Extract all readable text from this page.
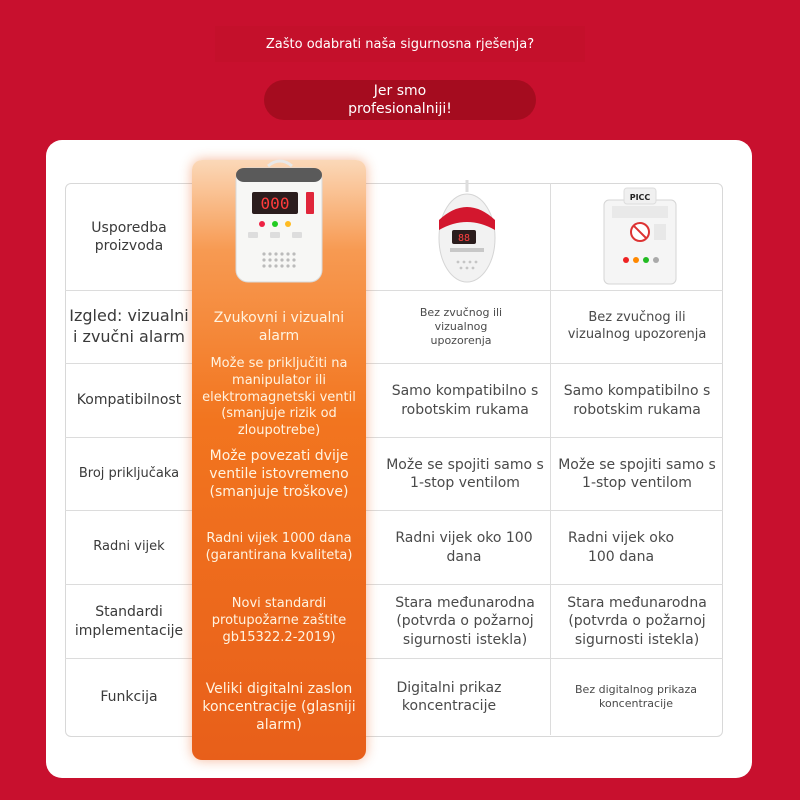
Zašto odabrati naša sigurnosna rješenja?
Jer smo
profesionalniji!
000
88
PICC
Usporedba proizvoda
Izgled: vizualni i zvučni alarm
Zvukovni i vizualni alarm
Bez zvučnog ili vizualnog upozorenja
Bez zvučnog ili vizualnog upozorenja
Kompatibilnost
Može se priključiti na manipulator ili elektromagnetski ventil (smanjuje rizik od zloupotrebe)
Samo kompatibilno s robotskim rukama
Samo kompatibilno s robotskim rukama
Broj priključaka
Može povezati dvije ventile istovremeno (smanjuje troškove)
Može se spojiti samo s 1-stop ventilom
Može se spojiti samo s 1-stop ventilom
Radni vijek
Radni vijek 1000 dana (garantirana kvaliteta)
Radni vijek oko 100 dana
Radni vijek oko 100 dana
Standardi implementacije
Novi standardi protupožarne zaštite gb15322.2-2019)
Stara međunarodna (potvrda o požarnoj sigurnosti istekla)
Stara međunarodna (potvrda o požarnoj sigurnosti istekla)
Funkcija
Veliki digitalni zaslon koncentracije (glasniji alarm)
Digitalni prikaz koncentracije
Bez digitalnog prikaza koncentracije
